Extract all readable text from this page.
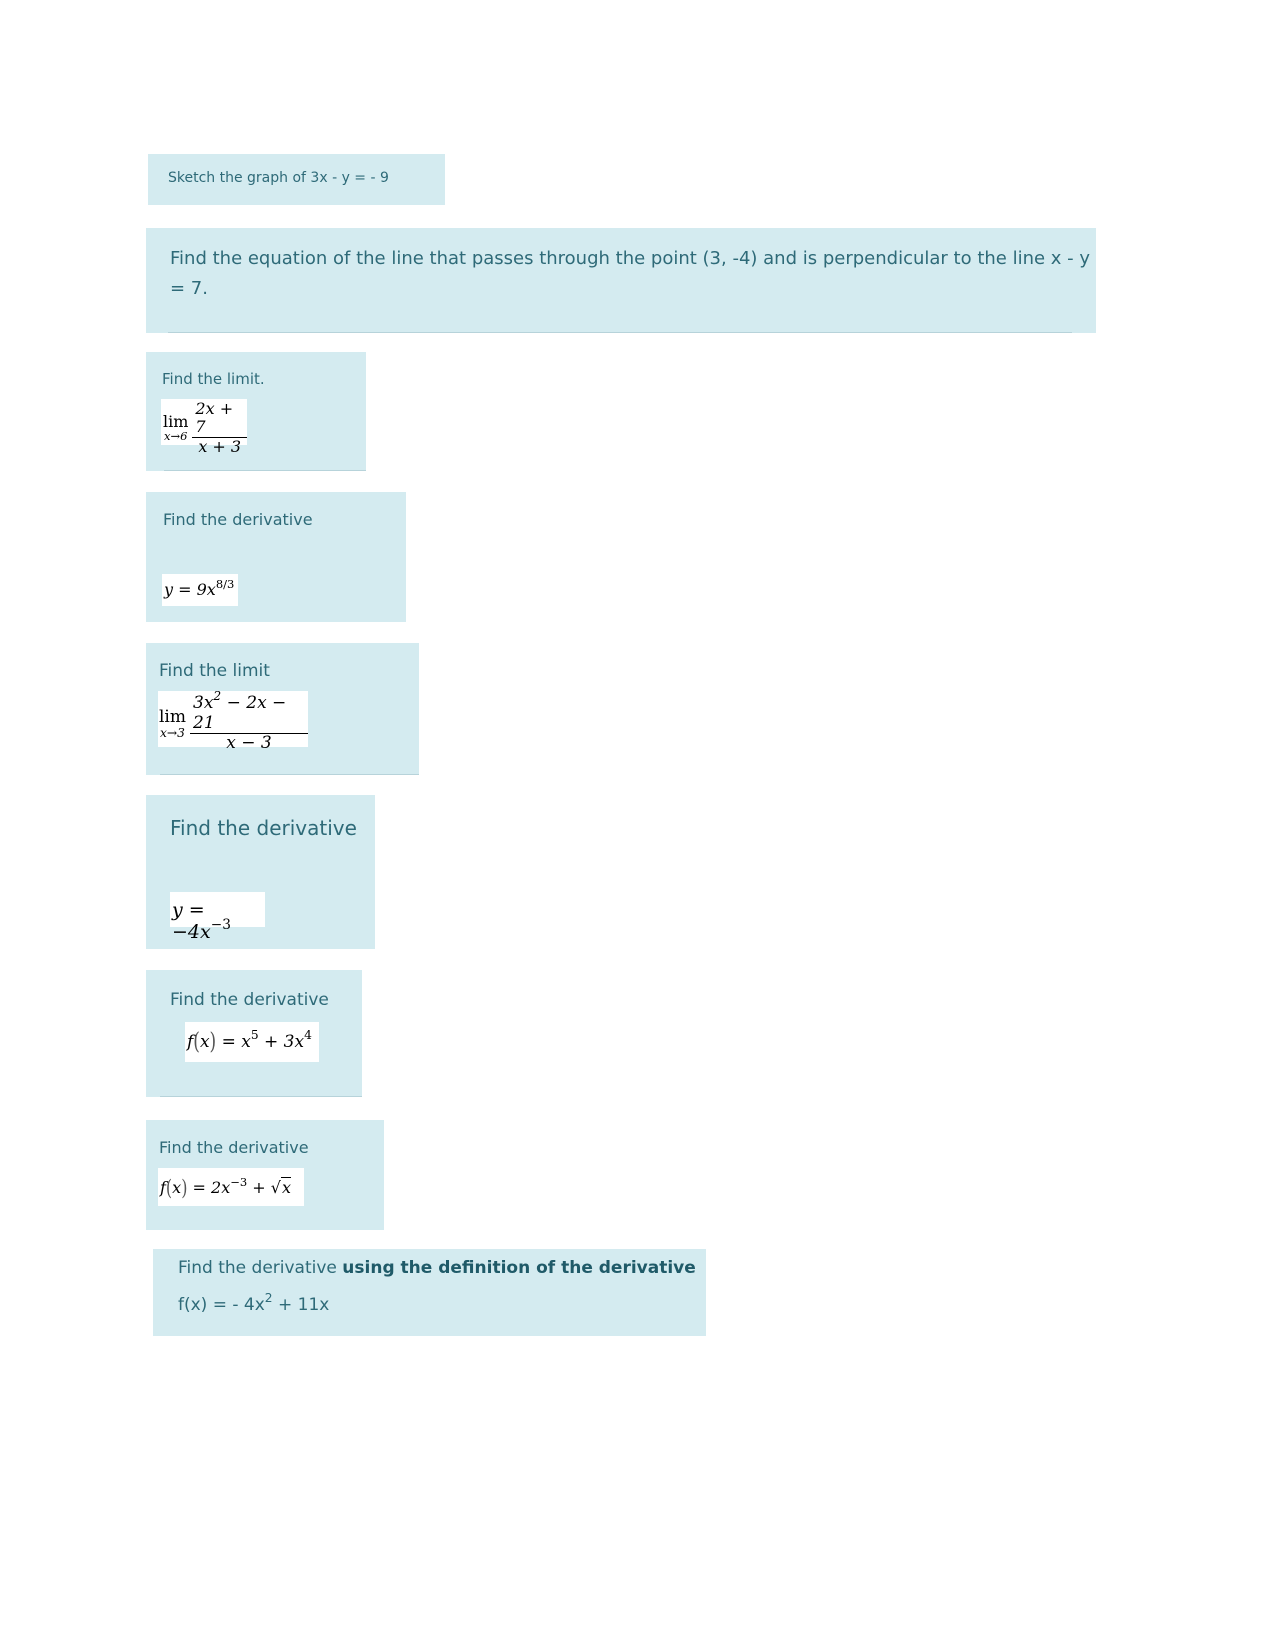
Sketch the graph of 3x - y = - 9
Find the equation of the line that passes through the point (3, -4) and is perpendicular to the line x - y
= 7.
Find the limit.
lim
$x\to 6 \frac{2x + 7}{x + 3}$
Find the derivative
$y = 9x^{8/3}$
Find the limit
lim
$x\to 3 \frac{3x^2 - 2x - 21}{x - 3}$
Find the derivative
$y = -4x^{-3}$
Find the derivative
$f(x) = x^5 + 3x^4$
Find the derivative
$f(x) = 2x^{-3} + √x$
Find the derivative using the definition of the derivative
f(x) = - $4x^2 + 11x$
